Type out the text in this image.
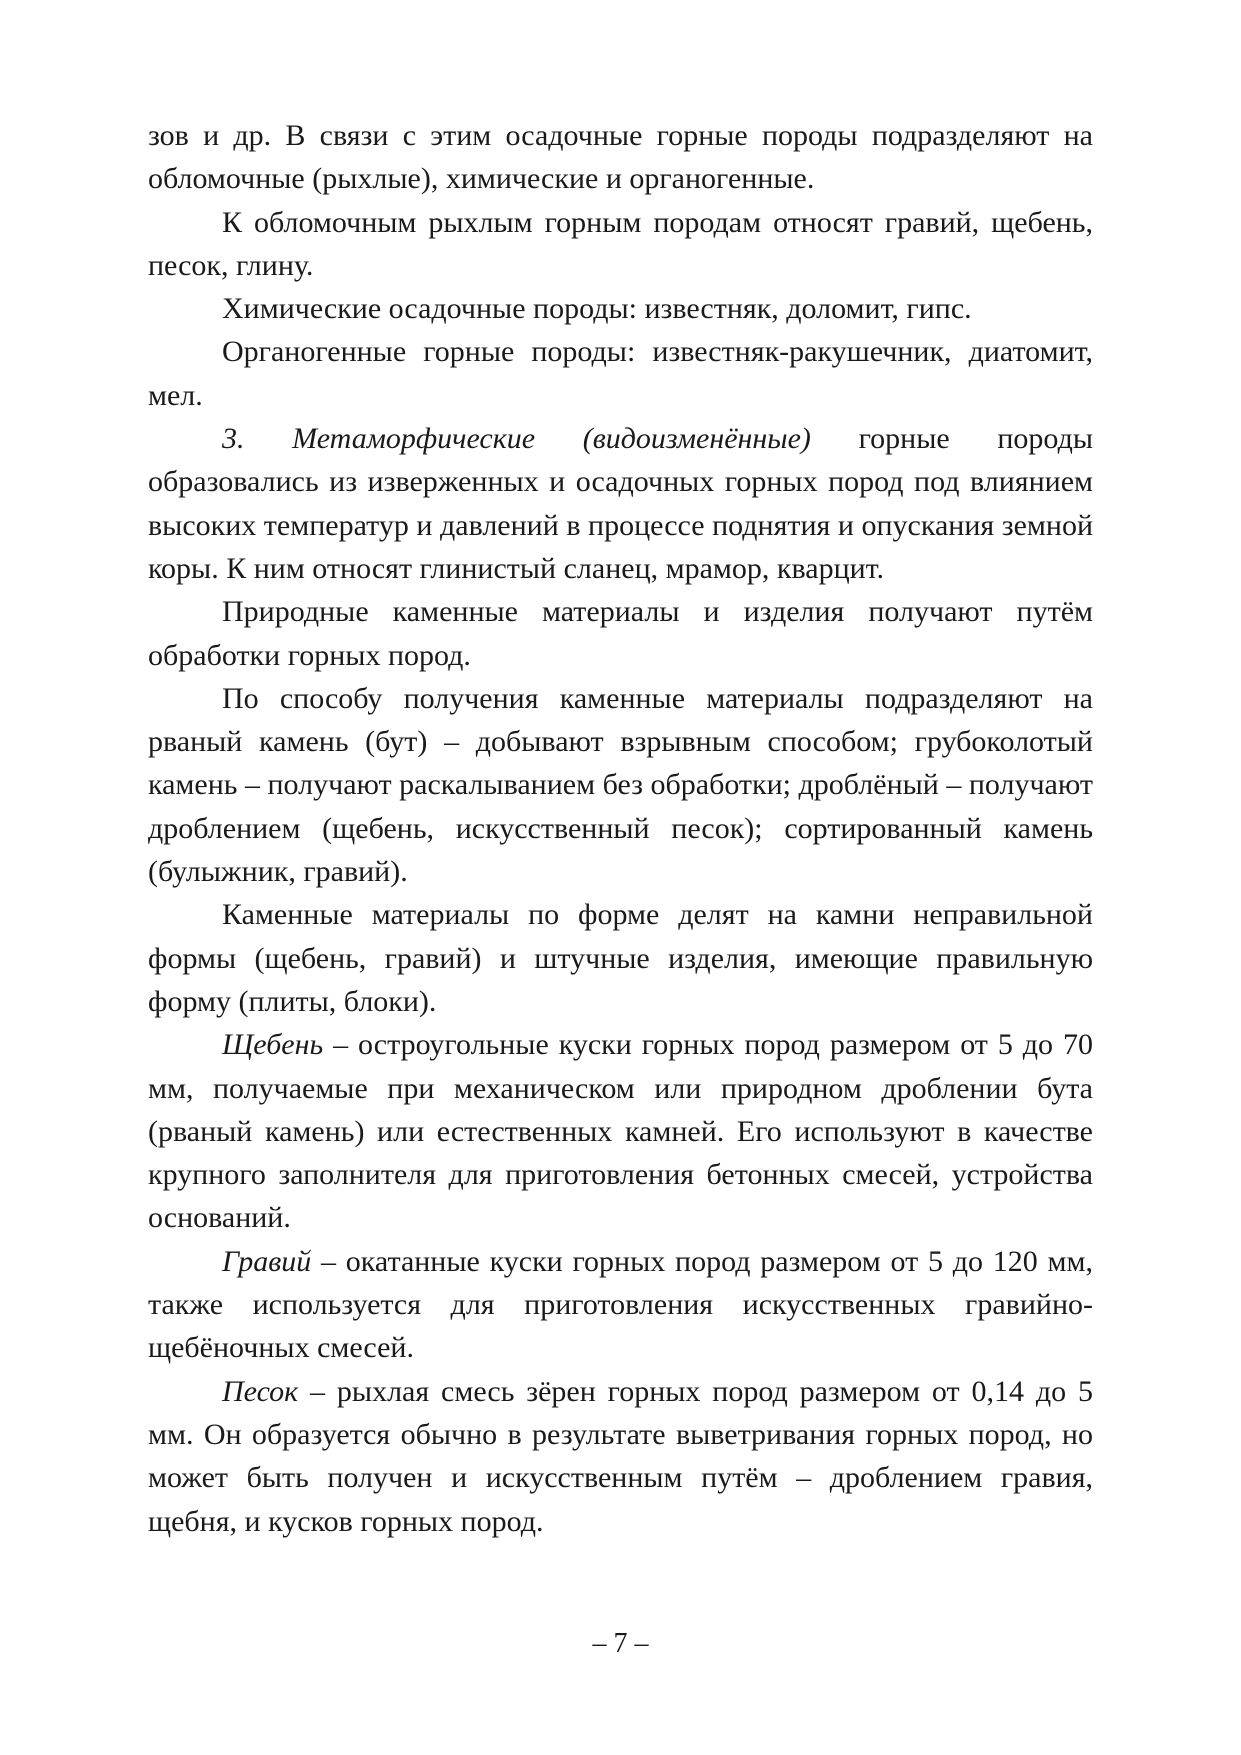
зов и др. В связи с этим осадочные горные породы подразделяют на обломочные (рыхлые), химические и органогенные.

К обломочным рыхлым горным породам относят гравий, щебень, песок, глину.

Химические осадочные породы: известняк, доломит, гипс.

Органогенные горные породы: известняк-ракушечник, диатомит, мел.

3. Метаморфические (видоизменённые) горные породы образовались из изверженных и осадочных горных пород под влиянием высоких температур и давлений в процессе поднятия и опускания земной коры. К ним относят глинистый сланец, мрамор, кварцит.

Природные каменные материалы и изделия получают путём обработки горных пород.

По способу получения каменные материалы подразделяют на рваный камень (бут) – добывают взрывным способом; грубоколотый камень – получают раскалыванием без обработки; дроблёный – получают дроблением (щебень, искусственный песок); сортированный камень (булыжник, гравий).

Каменные материалы по форме делят на камни неправильной формы (щебень, гравий) и штучные изделия, имеющие правильную форму (плиты, блоки).

Щебень – остроугольные куски горных пород размером от 5 до 70 мм, получаемые при механическом или природном дроблении бута (рваный камень) или естественных камней. Его используют в качестве крупного заполнителя для приготовления бетонных смесей, устройства оснований.

Гравий – окатанные куски горных пород размером от 5 до 120 мм, также используется для приготовления искусственных гравийно-щебёночных смесей.

Песок – рыхлая смесь зёрен горных пород размером от 0,14 до 5 мм. Он образуется обычно в результате выветривания горных пород, но может быть получен и искусственным путём – дроблением гравия, щебня, и кусков горных пород.

– 7 –
